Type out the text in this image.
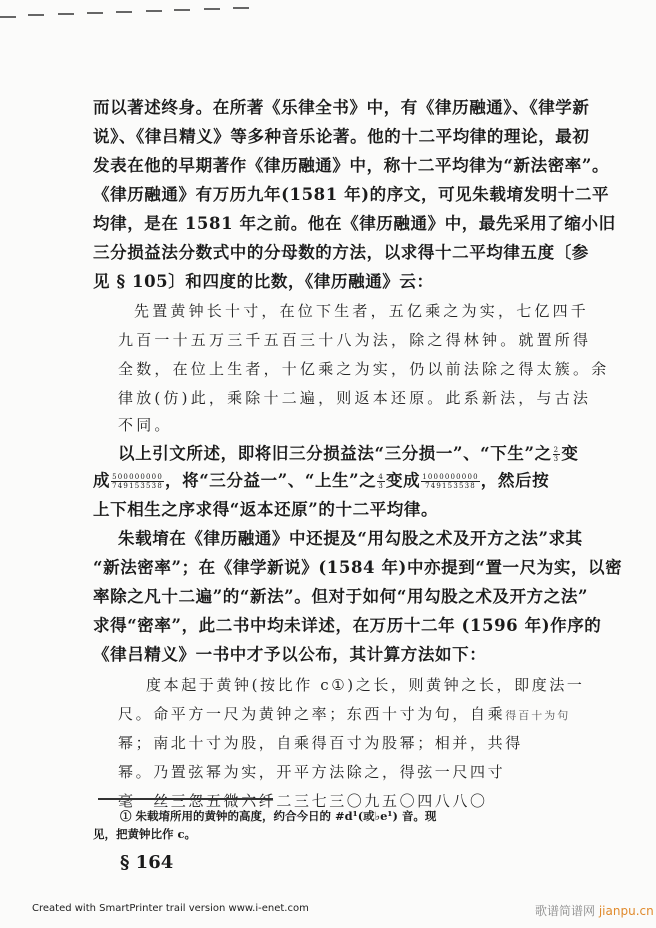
而以著述终身。在所著《乐律全书》中，有《律历融通》、《律学新
说》、《律吕精义》等多种音乐论著。他的十二平均律的理论，最初
发表在他的早期著作《律历融通》中，称十二平均律为“新法密率”。
《律历融通》有万历九年(1581 年)的序文，可见朱载堉发明十二平
均律，是在 1581 年之前。他在《律历融通》中，最先采用了缩小旧
三分损益法分数式中的分母数的方法，以求得十二平均律五度〔参
见 § 105〕和四度的比数，《律历融通》云：
先置黄钟长十寸，在位下生者，五亿乘之为实，七亿四千
九百一十五万三千五百三十八为法，除之得林钟。就置所得
全数，在位上生者，十亿乘之为实，仍以前法除之得太簇。余
律放(仿)此，乘除十二遍，则返本还原。此系新法，与古法
不同。
以上引文所述，即将旧三分损益法“三分损一”、“下生”之 $\frac{2}{3}$ 变
成 $\frac{500000000}{749153538}$ ，将“三分益一”、“上生”之 $\frac{4}{3}$ 变成 $\frac{1000000000}{749153538}$ ，然后按
上下相生之序求得“返本还原”的十二平均律。
朱载堉在《律历融通》中还提及“用勾股之术及开方之法”求其
“新法密率”；在《律学新说》(1584 年)中亦提到“置一尺为实，以密
率除之凡十二遍”的“新法”。但对于如何“用勾股之术及开方之法”
求得“密率”，此二书中均未详述，在万历十二年 (1596 年)作序的
《律吕精义》一书中才予以公布，其计算方法如下：
度本起于黄钟(按比作 c①)之长，则黄钟之长，即度法一
尺。命平方一尺为黄钟之率；东西十寸为句，自乘得百十为句
幂；南北十寸为股，自乘得百寸为股幂；相并，共得
幂。乃置弦幂为实，开平方法除之，得弦一尺四寸
毫一丝三忽五微六纤二三七三〇九五〇四八八〇
① 朱载堉所用的黄钟的高度，约合今日的 #d¹(或♭e¹) 音。现
见，把黄钟比作 c。
§ 164
Created with SmartPrinter trail version www.i-enet.com	歌谱简谱网 jianpu.cn
